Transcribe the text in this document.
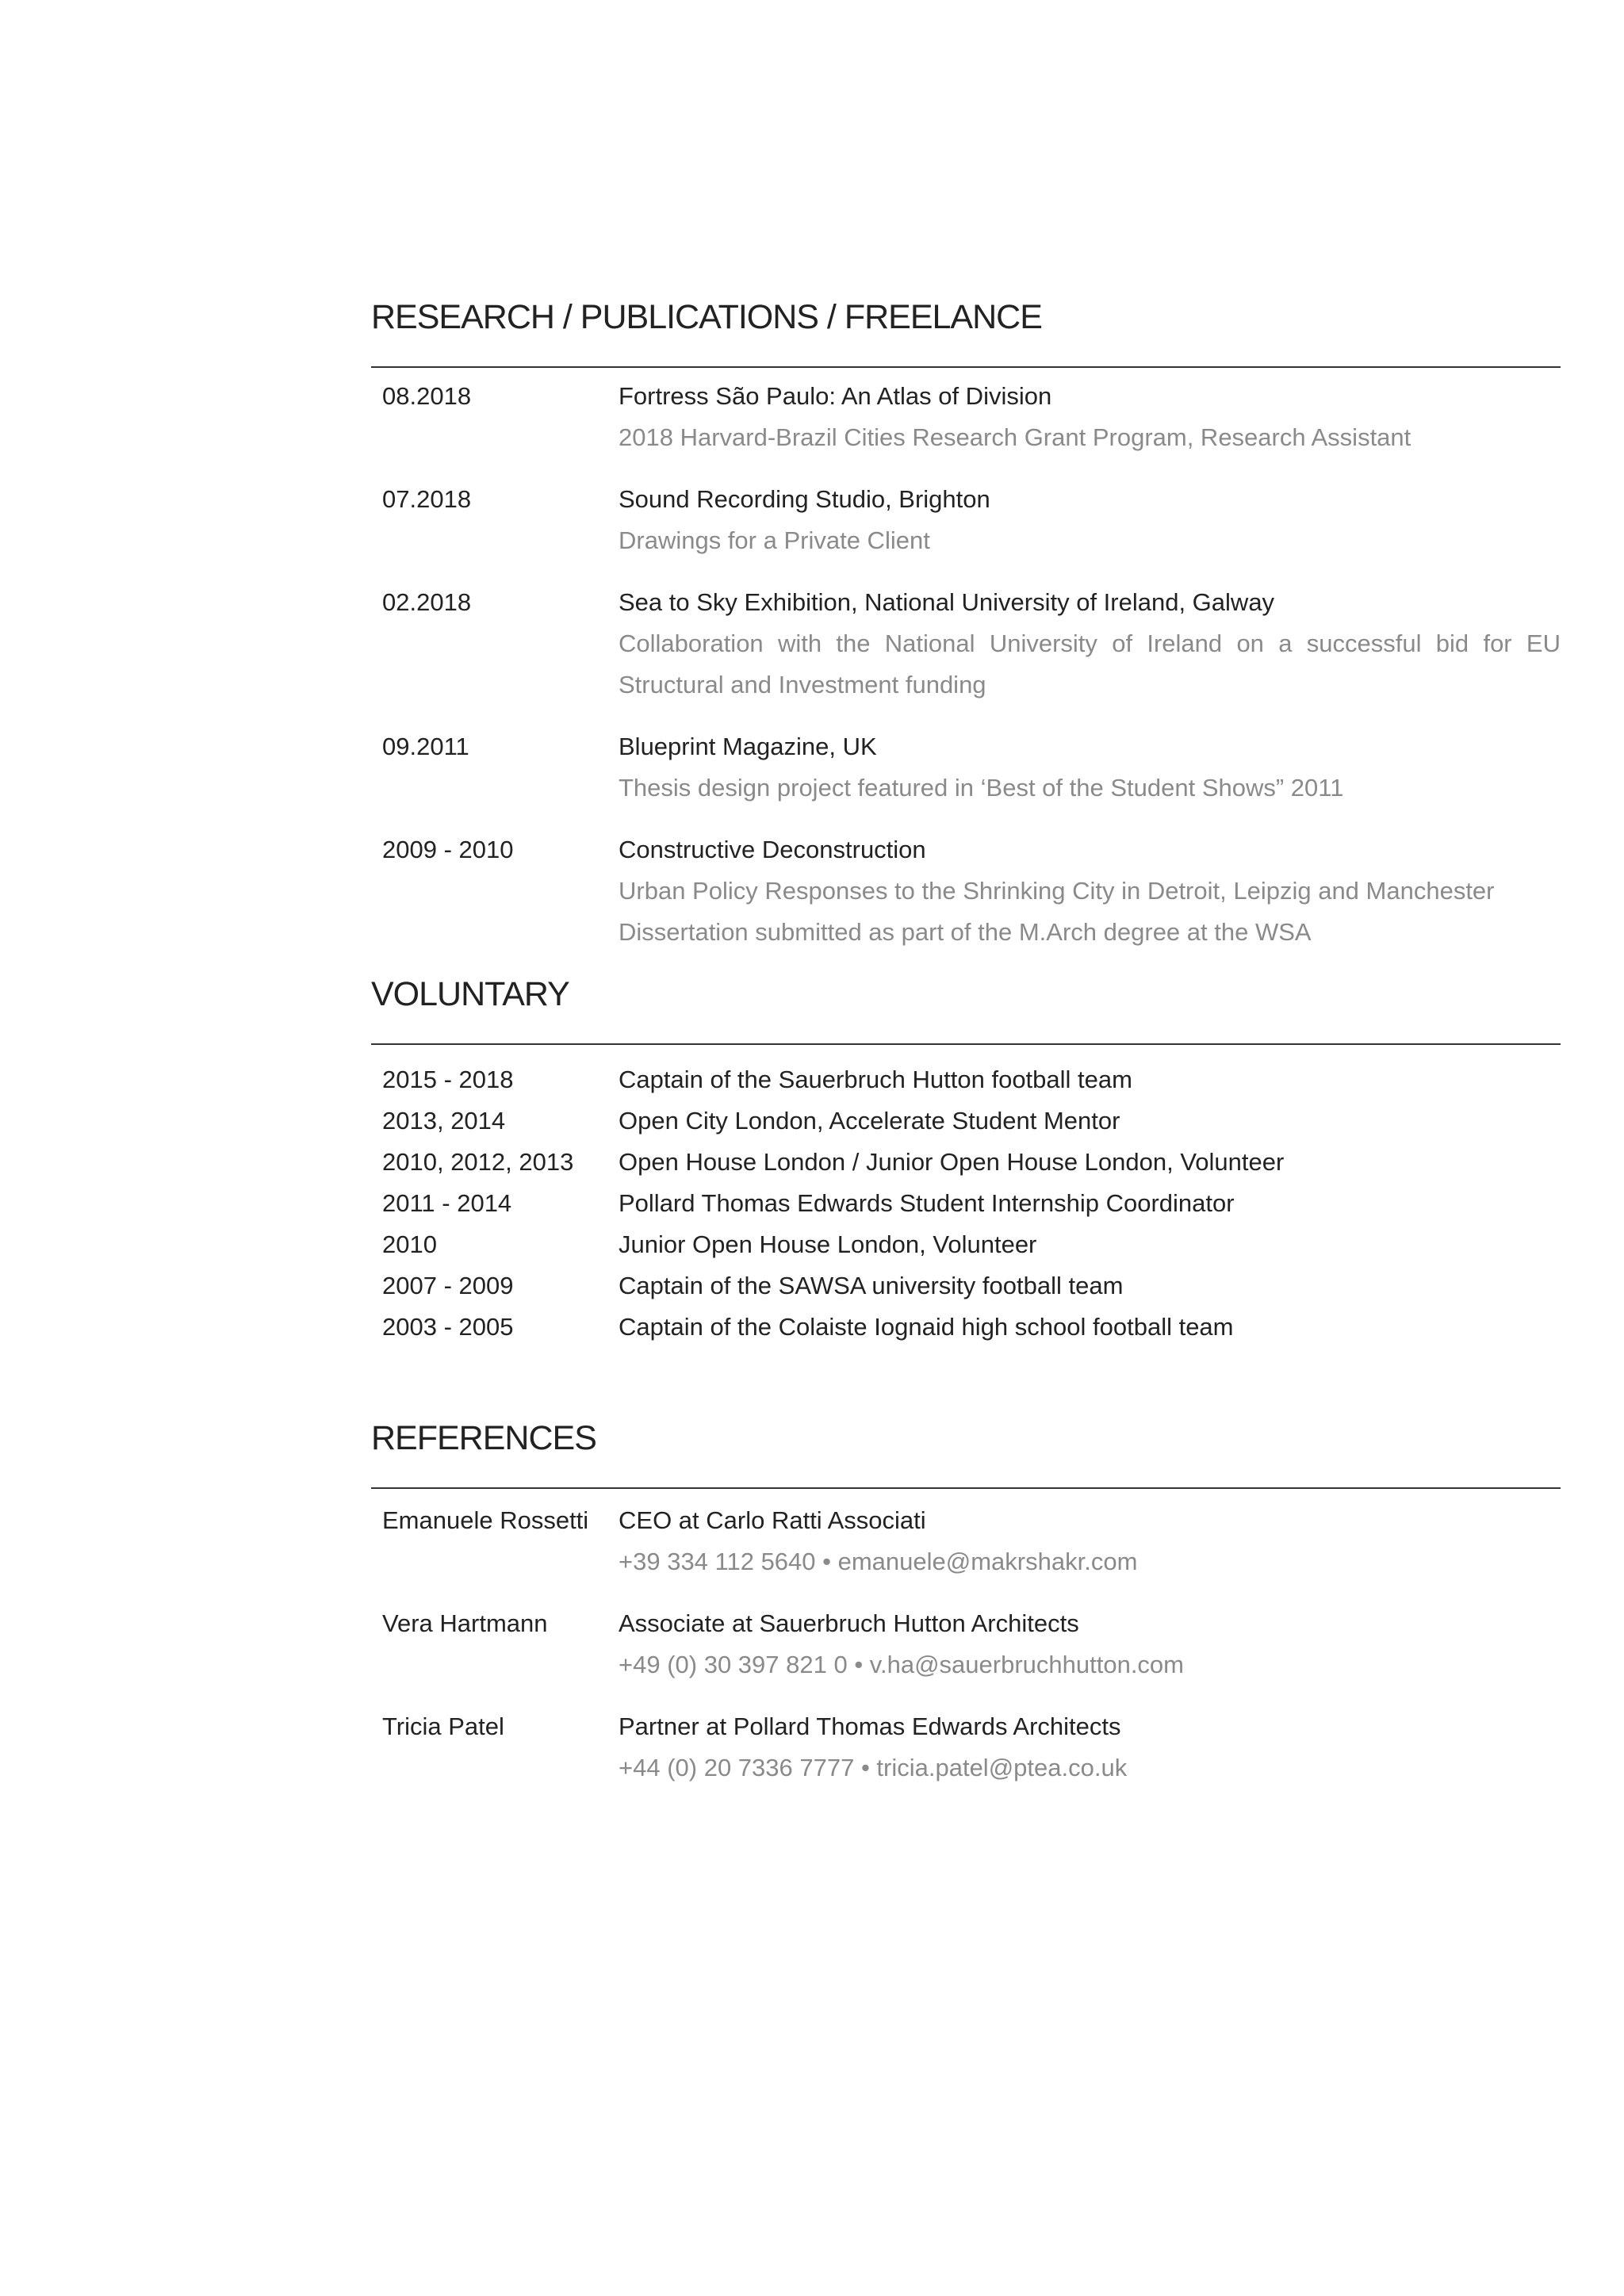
RESEARCH / PUBLICATIONS / FREELANCE
08.2018	Fortress São Paulo: An Atlas of Division
2018 Harvard-Brazil Cities Research Grant Program, Research Assistant
07.2018	Sound Recording Studio, Brighton
Drawings for a Private Client
02.2018	Sea to Sky Exhibition, National University of Ireland, Galway
Collaboration with the National University of Ireland on a successful bid for EU Structural and Investment funding
09.2011	Blueprint Magazine, UK
Thesis design project featured in ‘Best of the Student Shows” 2011
2009 - 2010	Constructive Deconstruction
Urban Policy Responses to the Shrinking City in Detroit, Leipzig and Manchester
Dissertation submitted as part of the M.Arch degree at the WSA
VOLUNTARY
2015 - 2018	Captain of the Sauerbruch Hutton football team
2013, 2014	Open City London, Accelerate Student Mentor
2010, 2012, 2013	Open House London / Junior Open House London, Volunteer
2011 - 2014	Pollard Thomas Edwards Student Internship Coordinator
2010	Junior Open House London, Volunteer
2007 - 2009	Captain of the SAWSA university football team
2003 - 2005	Captain of the Colaiste Iognaid high school football team
REFERENCES
Emanuele Rossetti	CEO at Carlo Ratti Associati
+39 334 112 5640 • emanuele@makrshakr.com
Vera Hartmann	Associate at Sauerbruch Hutton Architects
+49 (0) 30 397 821 0 • v.ha@sauerbruchhutton.com
Tricia Patel	Partner at Pollard Thomas Edwards Architects
+44 (0) 20 7336 7777 • tricia.patel@ptea.co.uk
